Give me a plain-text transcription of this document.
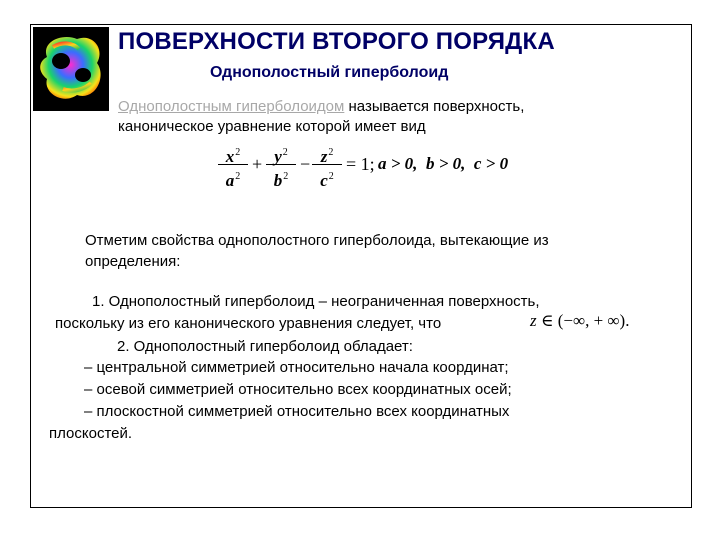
ПОВЕРХНОСТИ ВТОРОГО ПОРЯДКА
Однополостный гиперболоид
Однополостным гиперболоидом называется поверхность,
каноническое уравнение которой имеет вид
$\frac{x^2}{a^2} + \frac{y^2}{b^2} - \frac{z^2}{c^2} = 1$; a > 0, b > 0, c > 0
Отметим свойства однополостного гиперболоида, вытекающие из
определения:
1. Однополостный гиперболоид – неограниченная поверхность,
поскольку из его канонического уравнения следует, что	z ∈ (−∞, + ∞).
2. Однополостный гиперболоид обладает:
– центральной симметрией относительно начала координат;
– осевой симметрией относительно всех координатных осей;
– плоскостной симметрией относительно всех координатных
плоскостей.
